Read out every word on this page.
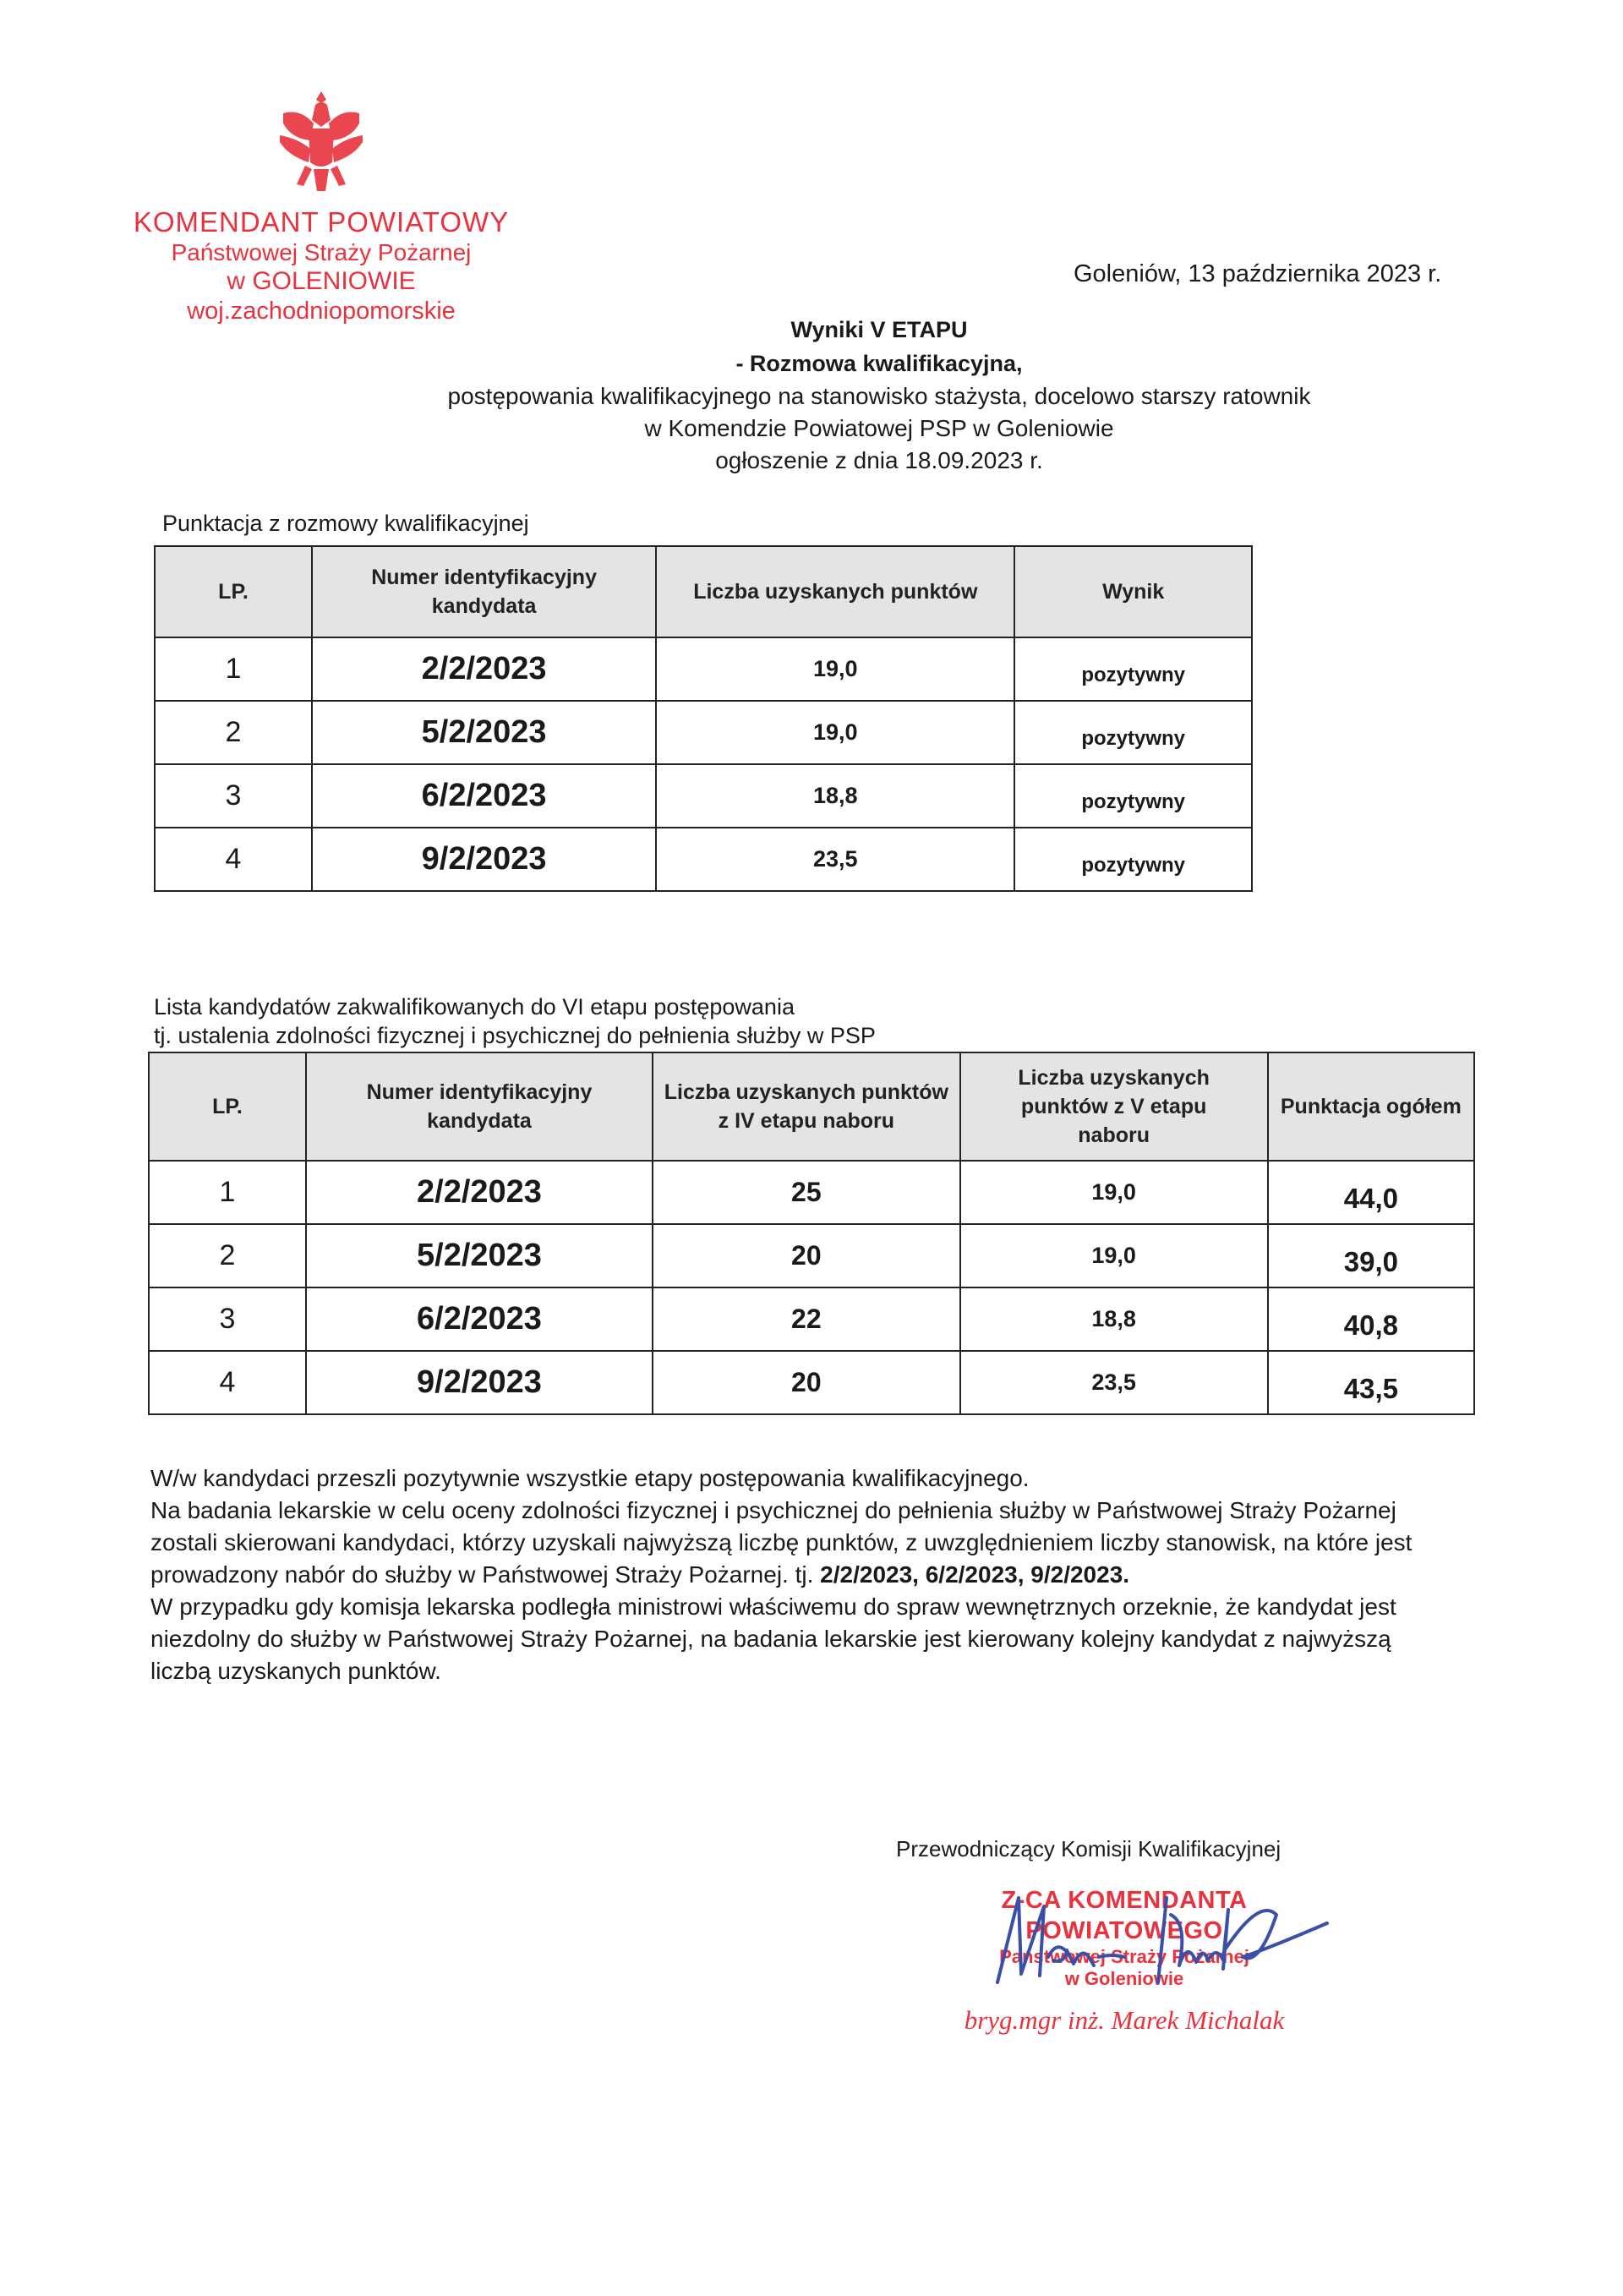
KOMENDANT POWIATOWY
Państwowej Straży Pożarnej
w GOLENIOWIE
woj.zachodniopomorskie
Goleniów, 13 października 2023 r.
Wyniki V ETAPU
- Rozmowa kwalifikacyjna,
postępowania kwalifikacyjnego na stanowisko stażysta, docelowo starszy ratownik
w Komendzie Powiatowej PSP w Goleniowie
ogłoszenie z dnia 18.09.2023 r.
Punktacja z rozmowy kwalifikacyjnej
LP.	Numer identyfikacyjny kandydata	Liczba uzyskanych punktów	Wynik
1	2/2/2023	19,0	pozytywny
2	5/2/2023	19,0	pozytywny
3	6/2/2023	18,8	pozytywny
4	9/2/2023	23,5	pozytywny
Lista kandydatów zakwalifikowanych do VI etapu postępowania
tj. ustalenia zdolności fizycznej i psychicznej do pełnienia służby w PSP
LP.	Numer identyfikacyjny kandydata	Liczba uzyskanych punktów z IV etapu naboru	Liczba uzyskanych punktów z V etapu naboru	Punktacja ogółem
1	2/2/2023	25	19,0	44,0
2	5/2/2023	20	19,0	39,0
3	6/2/2023	22	18,8	40,8
4	9/2/2023	20	23,5	43,5

W/w kandydaci przeszli pozytywnie wszystkie etapy postępowania kwalifikacyjnego.

Na badania lekarskie w celu oceny zdolności fizycznej i psychicznej do pełnienia służby w Państwowej Straży Pożarnej zostali skierowani kandydaci, którzy uzyskali najwyższą liczbę punktów, z uwzględnieniem liczby stanowisk, na które jest prowadzony nabór do służby w Państwowej Straży Pożarnej. tj. 2/2/2023, 6/2/2023, 9/2/2023.

W przypadku gdy komisja lekarska podległa ministrowi właściwemu do spraw wewnętrznych orzeknie, że kandydat jest niezdolny do służby w Państwowej Straży Pożarnej, na badania lekarskie jest kierowany kolejny kandydat z najwyższą liczbą uzyskanych punktów.

Przewodniczący Komisji Kwalifikacyjnej
Z-CA KOMENDANTA POWIATOWEGO
Państwowej Straży Pożarnej
w Goleniowie
bryg.mgr inż. Marek Michalak
